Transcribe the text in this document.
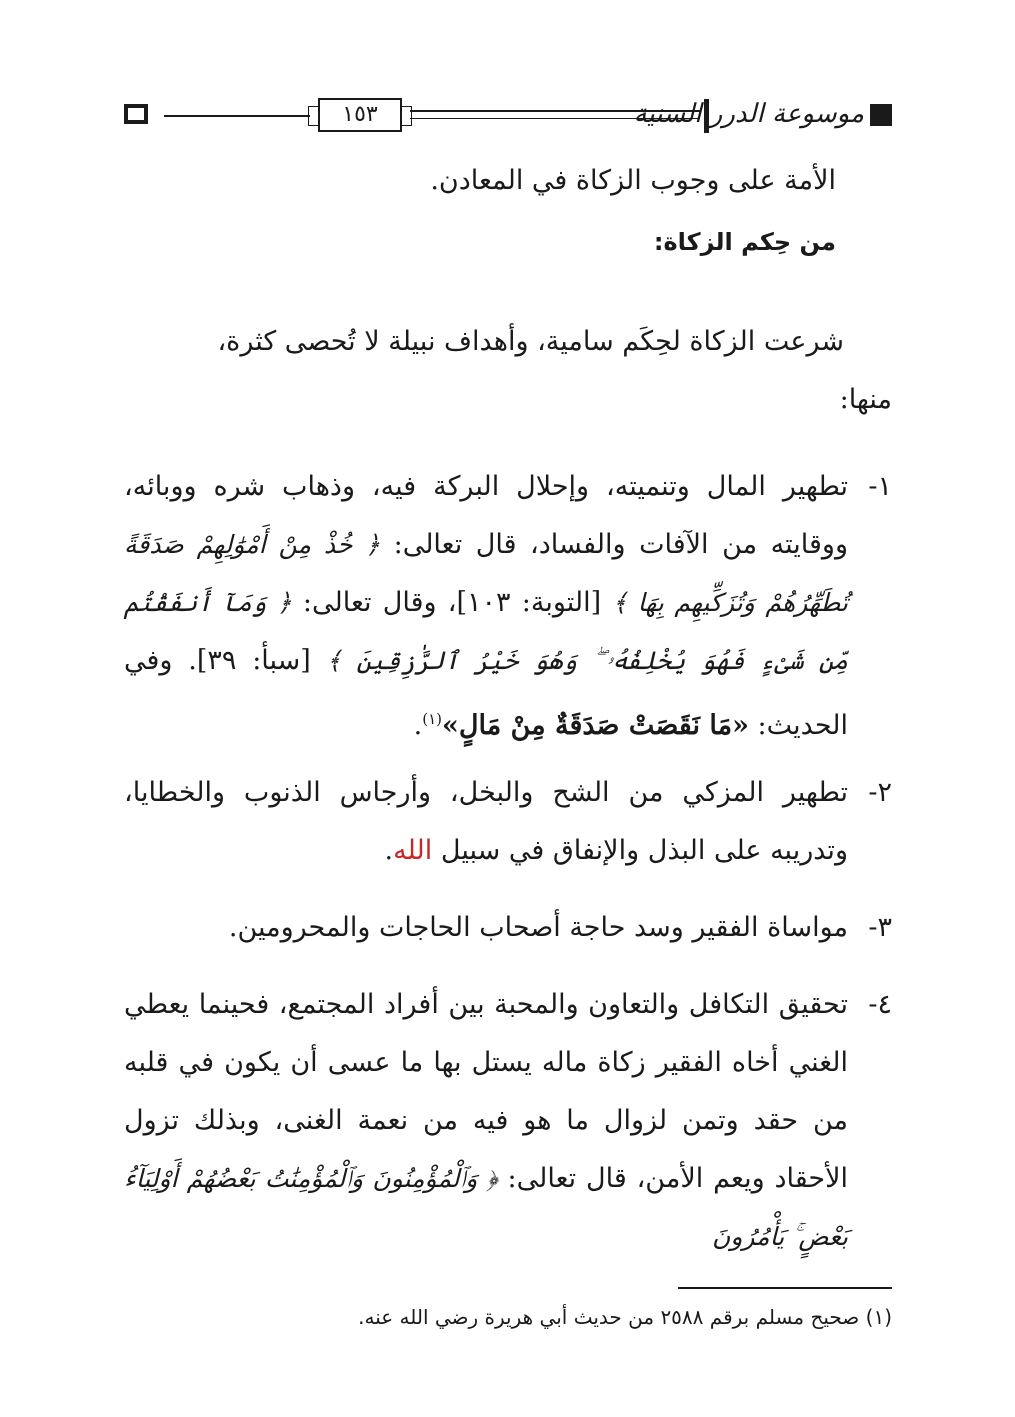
١٥٣	موسوعة الدرر السنية
الأمة على وجوب الزكاة في المعادن.
من حِكم الزكاة:
شرعت الزكاة لحِكَم سامية، وأهداف نبيلة لا تُحصى كثرة،
منها:
١-
تطهير المال وتنميته، وإحلال البركة فيه، وذهاب شره ووبائه، ووقايته من الآفات والفساد، قال تعالى: ﴿ خُذْ مِنْ أَمْوَٰلِهِمْ صَدَقَةً تُطَهِّرُهُمْ وَتُزَكِّيهِم بِهَا ﴾ [التوبة: ١٠٣]، وقال تعالى: ﴿ وَمَآ أَنفَقْتُم مِّن شَىْءٍ فَهُوَ يُخْلِفُهُۥ ۖ وَهُوَ خَيْرُ ٱلرَّٰزِقِينَ ﴾ [سبأ: ٣٩]. وفي الحديث: «مَا نَقَصَتْ صَدَقَةٌ مِنْ مَالٍ»$^{(١)}$.
٢-
تطهير المزكي من الشح والبخل، وأرجاس الذنوب والخطايا، وتدريبه على البذل والإنفاق في سبيل الله.
٣-
مواساة الفقير وسد حاجة أصحاب الحاجات والمحرومين.
٤-
تحقيق التكافل والتعاون والمحبة بين أفراد المجتمع، فحينما يعطي الغني أخاه الفقير زكاة ماله يستل بها ما عسى أن يكون في قلبه من حقد وتمن لزوال ما هو فيه من نعمة الغنى، وبذلك تزول الأحقاد ويعم الأمن، قال تعالى: ﴿ وَٱلْمُؤْمِنُونَ وَٱلْمُؤْمِنَٰتُ بَعْضُهُمْ أَوْلِيَآءُ بَعْضٍ ۚ يَأْمُرُونَ
(١) صحيح مسلم برقم ٢٥٨٨ من حديث أبي هريرة رضي الله عنه.
